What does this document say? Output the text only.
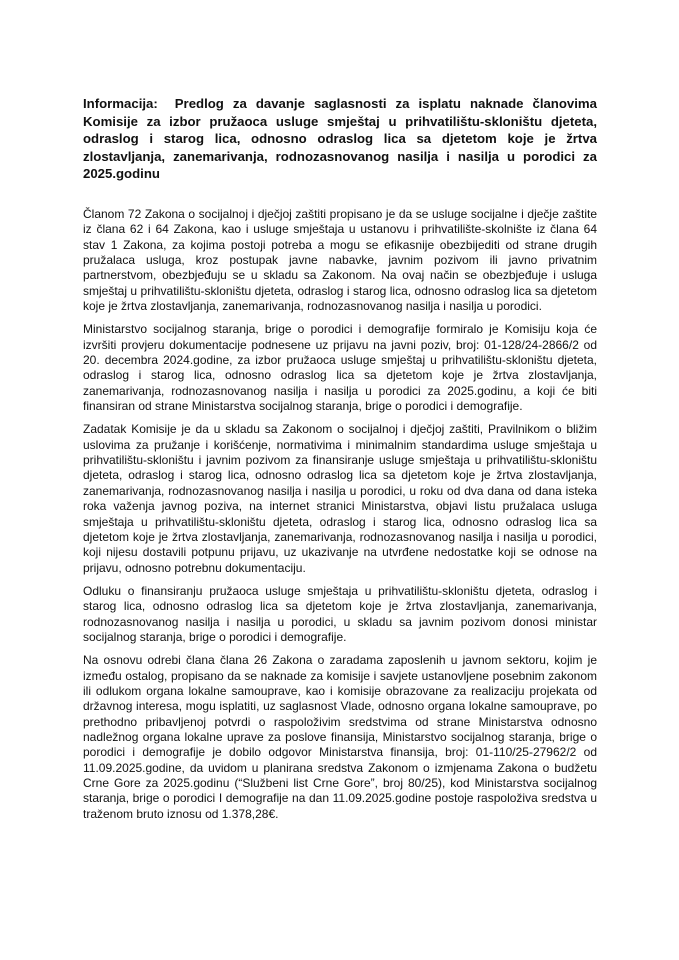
Informacija: Predlog za davanje saglasnosti za isplatu naknade članovima Komisije za izbor pružaoca usluge smještaj u prihvatilištu-skloništu djeteta, odraslog i starog lica, odnosno odraslog lica sa djetetom koje je žrtva zlostavljanja, zanemarivanja, rodnozasnovanog nasilja i nasilja u porodici za 2025.godinu

Članom 72 Zakona o socijalnoj i dječjoj zaštiti propisano je da se usluge socijalne i dječje zaštite iz člana 62 i 64 Zakona, kao i usluge smještaja u ustanovu i prihvatilište-skolnište iz člana 64 stav 1 Zakona, za kojima postoji potreba a mogu se efikasnije obezbijediti od strane drugih pružalaca usluga, kroz postupak javne nabavke, javnim pozivom ili javno privatnim partnerstvom, obezbjeđuju se u skladu sa Zakonom. Na ovaj način se obezbjeđuje i usluga smještaj u prihvatilištu-skloništu djeteta, odraslog i starog lica, odnosno odraslog lica sa djetetom koje je žrtva zlostavljanja, zanemarivanja, rodnozasnovanog nasilja i nasilja u porodici.

Ministarstvo socijalnog staranja, brige o porodici i demografije formiralo je Komisiju koja će izvršiti provjeru dokumentacije podnesene uz prijavu na javni poziv, broj: 01-128/24-2866/2 od 20. decembra 2024.godine, za izbor pružaoca usluge smještaj u prihvatilištu-skloništu djeteta, odraslog i starog lica, odnosno odraslog lica sa djetetom koje je žrtva zlostavljanja, zanemarivanja, rodnozasnovanog nasilja i nasilja u porodici za 2025.godinu, a koji će biti finansiran od strane Ministarstva socijalnog staranja, brige o porodici i demografije.

Zadatak Komisije je da u skladu sa Zakonom o socijalnoj i dječjoj zaštiti, Pravilnikom o bližim uslovima za pružanje i korišćenje, normativima i minimalnim standardima usluge smještaja u prihvatilištu-skloništu i javnim pozivom za finansiranje usluge smještaja u prihvatilištu-skloništu djeteta, odraslog i starog lica, odnosno odraslog lica sa djetetom koje je žrtva zlostavljanja, zanemarivanja, rodnozasnovanog nasilja i nasilja u porodici, u roku od dva dana od dana isteka roka važenja javnog poziva, na internet stranici Ministarstva, objavi listu pružalaca usluga smještaja u prihvatilištu-skloništu djeteta, odraslog i starog lica, odnosno odraslog lica sa djetetom koje je žrtva zlostavljanja, zanemarivanja, rodnozasnovanog nasilja i nasilja u porodici, koji nijesu dostavili potpunu prijavu, uz ukazivanje na utvrđene nedostatke koji se odnose na prijavu, odnosno potrebnu dokumentaciju.

Odluku o finansiranju pružaoca usluge smještaja u prihvatilištu-skloništu djeteta, odraslog i starog lica, odnosno odraslog lica sa djetetom koje je žrtva zlostavljanja, zanemarivanja, rodnozasnovanog nasilja i nasilja u porodici, u skladu sa javnim pozivom donosi ministar socijalnog staranja, brige o porodici i demografije.

Na osnovu odrebi člana člana 26 Zakona o zaradama zaposlenih u javnom sektoru, kojim je između ostalog, propisano da se naknade za komisije i savjete ustanovljene posebnim zakonom ili odlukom organa lokalne samouprave, kao i komisije obrazovane za realizaciju projekata od državnog interesa, mogu isplatiti, uz saglasnost Vlade, odnosno organa lokalne samouprave, po prethodno pribavljenoj potvrdi o raspoloživim sredstvima od strane Ministarstva odnosno nadležnog organa lokalne uprave za poslove finansija, Ministarstvo socijalnog staranja, brige o porodici i demografije je dobilo odgovor Ministarstva finansija, broj: 01-110/25-27962/2 od 11.09.2025.godine, da uvidom u planirana sredstva Zakonom o izmjenama Zakona o budžetu Crne Gore za 2025.godinu (“Službeni list Crne Gore”, broj 80/25), kod Ministarstva socijalnog staranja, brige o porodici I demografije na dan 11.09.2025.godine postoje raspoloživa sredstva u traženom bruto iznosu od 1.378,28€.
